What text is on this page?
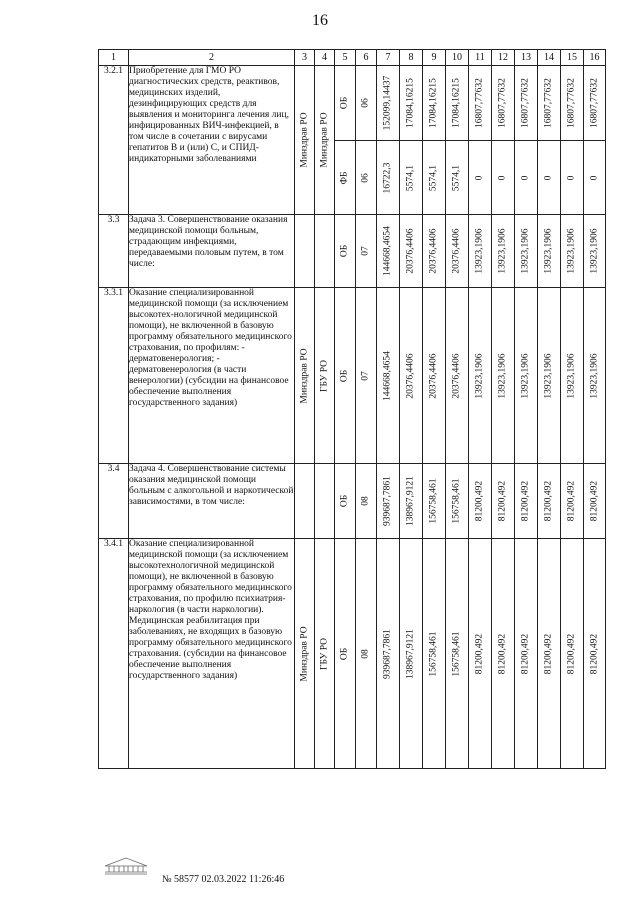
16
1	2	3	4	5	6	7	8	9	10	11	12	13	14	15	16
3.2.1	Приобретение для ГМО РО диагностических средств, реактивов, медицинских изделий, дезинфицирующих средств для выявления и мониторинга лечения лиц, инфицированных ВИЧ-инфекцией, в том числе в сочетании с вирусами гепатитов В и (или) С, и СПИД-индикаторными заболеваниями	Минздрав РО	Минздрав РО	ОБ	06	152099,14437	17084,16215	17084,16215	17084,16215	16807,77632	16807,77632	16807,77632	16807,77632	16807,77632	16807,77632

				ФБ	06	16722,3	5574,1	5574,1	5574,1	0	0	0	0	0	0

3.3	Задача 3. Совершенствование оказания медицинской помощи больным, страдающим инфекциями, передаваемыми половым путем, в том числе:			ОБ	07	144668,4654	20376,4406	20376,4406	20376,4406	13923,1906	13923,1906	13923,1906	13923,1906	13923,1906	13923,1906

3.3.1	Оказание специализированной медицинской помощи (за исключением высокотех-нологичной медицинской помощи), не включенной в базовую программу обязательного медицинского страхования, по профилям: - дерматовенерология; - дерматовенерология (в части венерологии) (субсидии на финансовое обеспечение выполнения государственного задания)	Минздрав РО	ГБУ РО	ОБ	07	144668,4654	20376,4406	20376,4406	20376,4406	13923,1906	13923,1906	13923,1906	13923,1906	13923,1906	13923,1906

3.4	Задача 4. Совершенствование системы оказания медицинской помощи больным с алкогольной и наркотической зависимостями, в том числе:			ОБ	08	939687,7861	138967,9121	156758,461	156758,461	81200,492	81200,492	81200,492	81200,492	81200,492	81200,492

3.4.1	Оказание специализированной медицинской помощи (за исключением высокотехнологичной медицинской помощи), не включенной в базовую программу обязательного медицинского страхования, по профилю психиатрия-наркология (в части наркологии). Медицинская реабилитация при заболеваниях, не входящих в базовую программу обязательного медицинского страхования. (субсидии на финансовое обеспечение выполнения государственного задания)	Минздрав РО	ГБУ РО	ОБ	08	939687,7861	138967,9121	156758,461	156758,461	81200,492	81200,492	81200,492	81200,492	81200,492	81200,492
№ 58577 02.03.2022 11:26:46
